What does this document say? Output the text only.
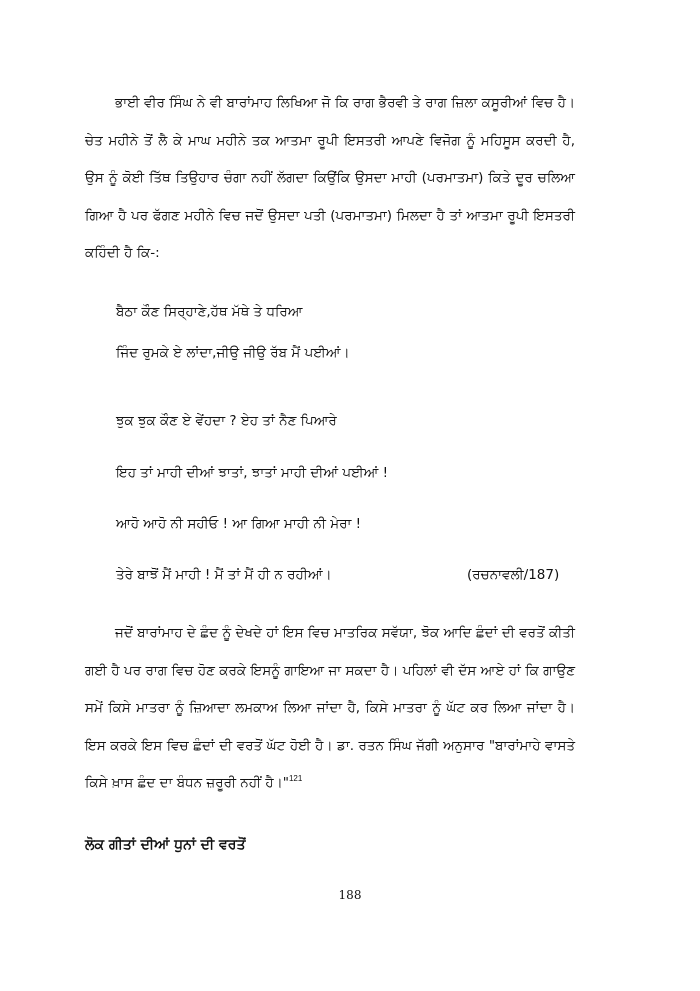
ਭਾਈ ਵੀਰ ਸਿੰਘ ਨੇ ਵੀ ਬਾਰਾਂਮਾਹ ਲਿਖਿਆ ਜੋ ਕਿ ਰਾਗ ਭੈਰਵੀ ਤੇ ਰਾਗ ਜ਼ਿਲਾ ਕਸੂਰੀਆਂ ਵਿਚ ਹੈ। ਚੇਤ ਮਹੀਨੇ ਤੋਂ ਲੈ ਕੇ ਮਾਘ ਮਹੀਨੇ ਤਕ ਆਤਮਾ ਰੂਪੀ ਇਸਤਰੀ ਆਪਣੇ ਵਿਜੋਗ ਨੂੰ ਮਹਿਸੂਸ ਕਰਦੀ ਹੈ, ਉਸ ਨੂੰ ਕੋਈ ਤਿੱਥ ਤਿਉਹਾਰ ਚੰਗਾ ਨਹੀਂ ਲੱਗਦਾ ਕਿਉਂਕਿ ਉਸਦਾ ਮਾਹੀ (ਪਰਮਾਤਮਾ) ਕਿਤੇ ਦੂਰ ਚਲਿਆ ਗਿਆ ਹੈ ਪਰ ਫੱਗਣ ਮਹੀਨੇ ਵਿਚ ਜਦੋਂ ਉਸਦਾ ਪਤੀ (ਪਰਮਾਤਮਾ) ਮਿਲਦਾ ਹੈ ਤਾਂ ਆਤਮਾ ਰੂਪੀ ਇਸਤਰੀ ਕਹਿੰਦੀ ਹੈ ਕਿ-:

ਬੈਠਾ ਕੌਣ ਸਿਰ੍ਹਾਣੇ,ਹੱਥ ਮੱਥੇ ਤੇ ਧਰਿਆ
ਜਿੰਦ ਰੁਮਕੇ ਏ ਲਾਂਦਾ,ਜੀਉ ਜੀਉ ਰੱਬ ਮੈਂ ਪਈਆਂ।
ਝੁਕ ਝੁਕ ਕੌਣ ਏ ਵੇਂਹਦਾ ? ਏਹ ਤਾਂ ਨੈਣ ਪਿਆਰੇ
ਇਹ ਤਾਂ ਮਾਹੀ ਦੀਆਂ ਝਾਤਾਂ, ਝਾਤਾਂ ਮਾਹੀ ਦੀਆਂ ਪਈਆਂ !
ਆਹੋ ਆਹੋ ਨੀ ਸਹੀਓ ! ਆ ਗਿਆ ਮਾਹੀ ਨੀ ਮੇਰਾ !
ਤੇਰੇ ਬਾਝੋਂ ਮੈਂ ਮਾਹੀ ! ਮੈਂ ਤਾਂ ਮੈਂ ਹੀ ਨ ਰਹੀਆਂ।	(ਰਚਨਾਵਲੀ/187)

ਜਦੋਂ ਬਾਰਾਂਮਾਹ ਦੇ ਛੰਦ ਨੂੰ ਦੇਖਦੇ ਹਾਂ ਇਸ ਵਿਚ ਮਾਤਰਿਕ ਸਵੱਯਾ, ਝੋਕ ਆਦਿ ਛੰਦਾਂ ਦੀ ਵਰਤੋਂ ਕੀਤੀ ਗਈ ਹੈ ਪਰ ਰਾਗ ਵਿਚ ਹੋਣ ਕਰਕੇ ਇਸਨੂੰ ਗਾਇਆ ਜਾ ਸਕਦਾ ਹੈ। ਪਹਿਲਾਂ ਵੀ ਦੱਸ ਆਏ ਹਾਂ ਕਿ ਗਾਉਣ ਸਮੇਂ ਕਿਸੇ ਮਾਤਰਾ ਨੂੰ ਜ਼ਿਆਦਾ ਲਮਕਾਅ ਲਿਆ ਜਾਂਦਾ ਹੈ, ਕਿਸੇ ਮਾਤਰਾ ਨੂੰ ਘੱਟ ਕਰ ਲਿਆ ਜਾਂਦਾ ਹੈ। ਇਸ ਕਰਕੇ ਇਸ ਵਿਚ ਛੰਦਾਂ ਦੀ ਵਰਤੋਂ ਘੱਟ ਹੋਈ ਹੈ। ਡਾ. ਰਤਨ ਸਿੰਘ ਜੱਗੀ ਅਨੁਸਾਰ "ਬਾਰਾਂਮਾਹੇ ਵਾਸਤੇ ਕਿਸੇ ਖ਼ਾਸ ਛੰਦ ਦਾ ਬੰਧਨ ਜ਼ਰੂਰੀ ਨਹੀਂ ਹੈ।"$^{121}$

ਲੋਕ ਗੀਤਾਂ ਦੀਆਂ ਧੁਨਾਂ ਦੀ ਵਰਤੋਂ
188
